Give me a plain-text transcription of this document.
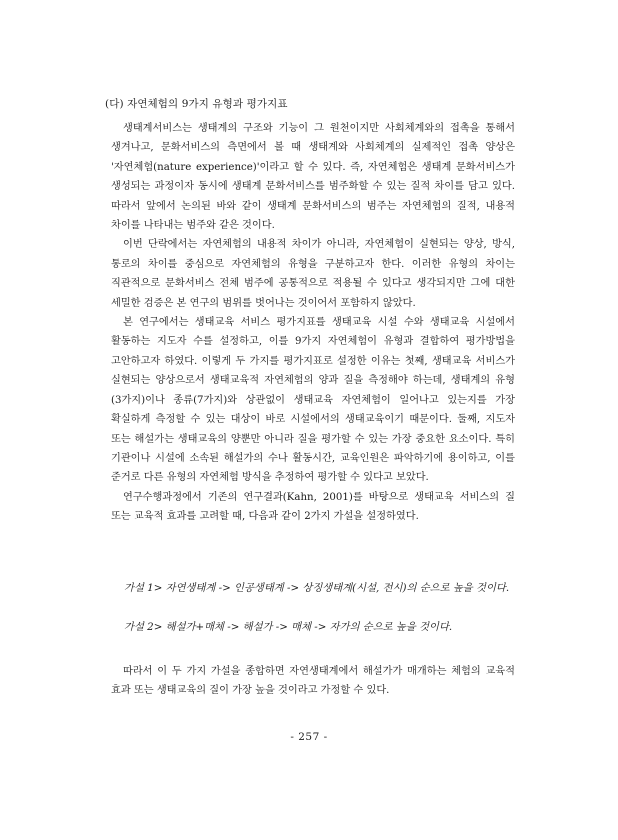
(다) 자연체험의 9가지 유형과 평가지표

생태계서비스는 생태계의 구조와 기능이 그 원천이지만 사회체계와의 접촉을 통해서 생겨나고, 문화서비스의 측면에서 볼 때 생태계와 사회체계의 실제적인 접촉 양상은 '자연체험(nature experience)'이라고 할 수 있다. 즉, 자연체험은 생태계 문화서비스가 생성되는 과정이자 동시에 생태계 문화서비스를 범주화할 수 있는 질적 차이를 담고 있다. 따라서 앞에서 논의된 바와 같이 생태계 문화서비스의 범주는 자연체험의 질적, 내용적 차이를 나타내는 범주와 같은 것이다.

이번 단락에서는 자연체험의 내용적 차이가 아니라, 자연체험이 실현되는 양상, 방식, 통로의 차이를 중심으로 자연체험의 유형을 구분하고자 한다. 이러한 유형의 차이는 직관적으로 문화서비스 전체 범주에 공통적으로 적용될 수 있다고 생각되지만 그에 대한 세밀한 검증은 본 연구의 범위를 벗어나는 것이어서 포함하지 않았다.

본 연구에서는 생태교육 서비스 평가지표를 생태교육 시설 수와 생태교육 시설에서 활동하는 지도자 수를 설정하고, 이를 9가지 자연체험이 유형과 결합하여 평가방법을 고안하고자 하였다. 이렇게 두 가지를 평가지표로 설정한 이유는 첫째, 생태교육 서비스가 실현되는 양상으로서 생태교육적 자연체험의 양과 질을 측정해야 하는데, 생태계의 유형(3가지)이나 종류(7가지)와 상관없이 생태교육 자연체험이 일어나고 있는지를 가장 확실하게 측정할 수 있는 대상이 바로 시설에서의 생태교육이기 때문이다. 둘째, 지도자 또는 해설가는 생태교육의 양뿐만 아니라 질을 평가할 수 있는 가장 중요한 요소이다. 특히 기관이나 시설에 소속된 해설가의 수나 활동시간, 교육인원은 파악하기에 용이하고, 이를 준거로 다른 유형의 자연체험 방식을 추정하여 평가할 수 있다고 보았다.

연구수행과정에서 기존의 연구결과(Kahn, 2001)를 바탕으로 생태교육 서비스의 질 또는 교육적 효과를 고려할 때, 다음과 같이 2가지 가설을 설정하였다.

가설 1> 자연생태계 -> 인공생태계 -> 상징생태계(시설, 전시)의 순으로 높을 것이다.

가설 2> 해설가+매체 -> 해설가 -> 매체 -> 자가의 순으로 높을 것이다.

따라서 이 두 가지 가설을 종합하면 자연생태계에서 해설가가 매개하는 체험의 교육적 효과 또는 생태교육의 질이 가장 높을 것이라고 가정할 수 있다.

- 257 -
